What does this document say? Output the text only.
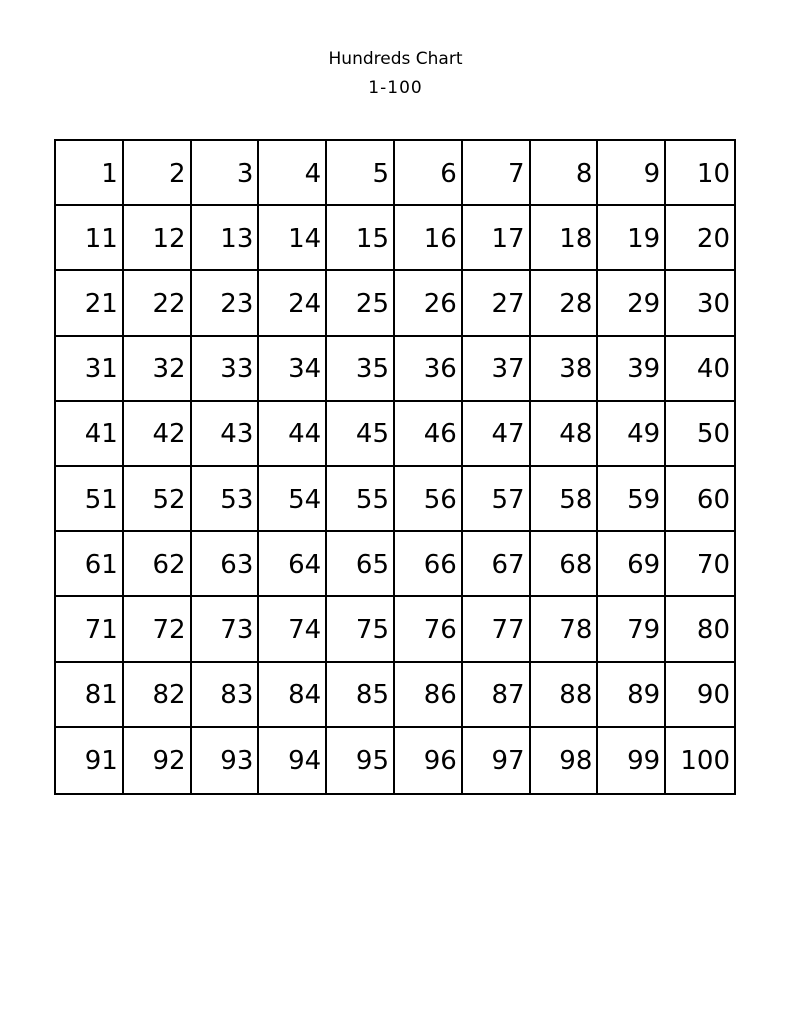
Hundreds Chart
1-100
1	2	3	4	5	6	7	8	9	10
11	12	13	14	15	16	17	18	19	20
21	22	23	24	25	26	27	28	29	30
31	32	33	34	35	36	37	38	39	40
41	42	43	44	45	46	47	48	49	50
51	52	53	54	55	56	57	58	59	60
61	62	63	64	65	66	67	68	69	70
71	72	73	74	75	76	77	78	79	80
81	82	83	84	85	86	87	88	89	90
91	92	93	94	95	96	97	98	99 100
